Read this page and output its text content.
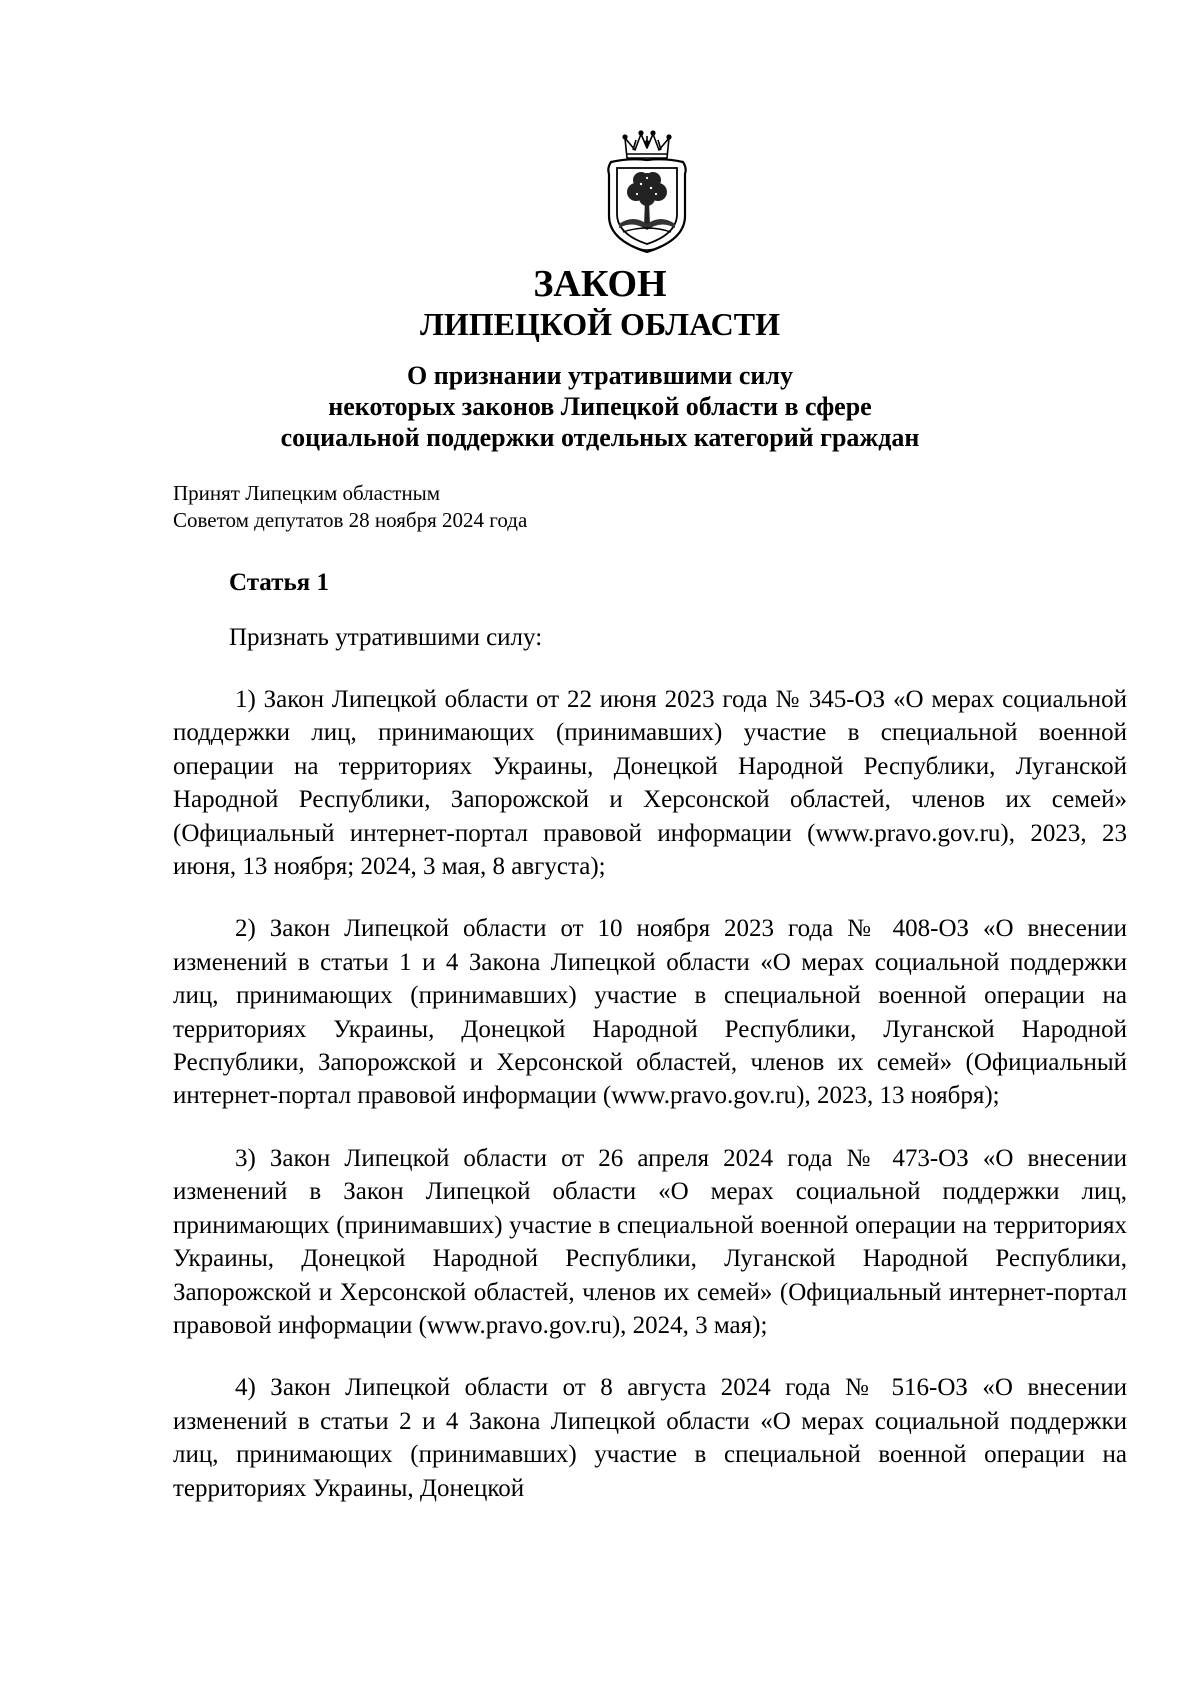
ЗАКОН
ЛИПЕЦКОЙ ОБЛАСТИ
О признании утратившими силу
некоторых законов Липецкой области в сфере
социальной поддержки отдельных категорий граждан
Принят Липецким областным
Советом депутатов 28 ноября 2024 года
Статья 1
Признать утратившими силу:

1) Закон Липецкой области от 22 июня 2023 года № 345-ОЗ «О мерах социальной поддержки лиц, принимающих (принимавших) участие в специальной военной операции на территориях Украины, Донецкой Народной Республики, Луганской Народной Республики, Запорожской и Херсонской областей, членов их семей» (Официальный интернет-портал правовой информации (www.pravo.gov.ru), 2023, 23 июня, 13 ноября; 2024, 3 мая, 8 августа);

2) Закон Липецкой области от 10 ноября 2023 года № 408-ОЗ «О внесении изменений в статьи 1 и 4 Закона Липецкой области «О мерах социальной поддержки лиц, принимающих (принимавших) участие в специальной военной операции на территориях Украины, Донецкой Народной Республики, Луганской Народной Республики, Запорожской и Херсонской областей, членов их семей» (Официальный интернет-портал правовой информации (www.pravo.gov.ru), 2023, 13 ноября);

3) Закон Липецкой области от 26 апреля 2024 года № 473-ОЗ «О внесении изменений в Закон Липецкой области «О мерах социальной поддержки лиц, принимающих (принимавших) участие в специальной военной операции на территориях Украины, Донецкой Народной Республики, Луганской Народной Республики, Запорожской и Херсонской областей, членов их семей» (Официальный интернет-портал правовой информации (www.pravo.gov.ru), 2024, 3 мая);

4) Закон Липецкой области от 8 августа 2024 года № 516-ОЗ «О внесении изменений в статьи 2 и 4 Закона Липецкой области «О мерах социальной поддержки лиц, принимающих (принимавших) участие в специальной военной операции на территориях Украины, Донецкой
